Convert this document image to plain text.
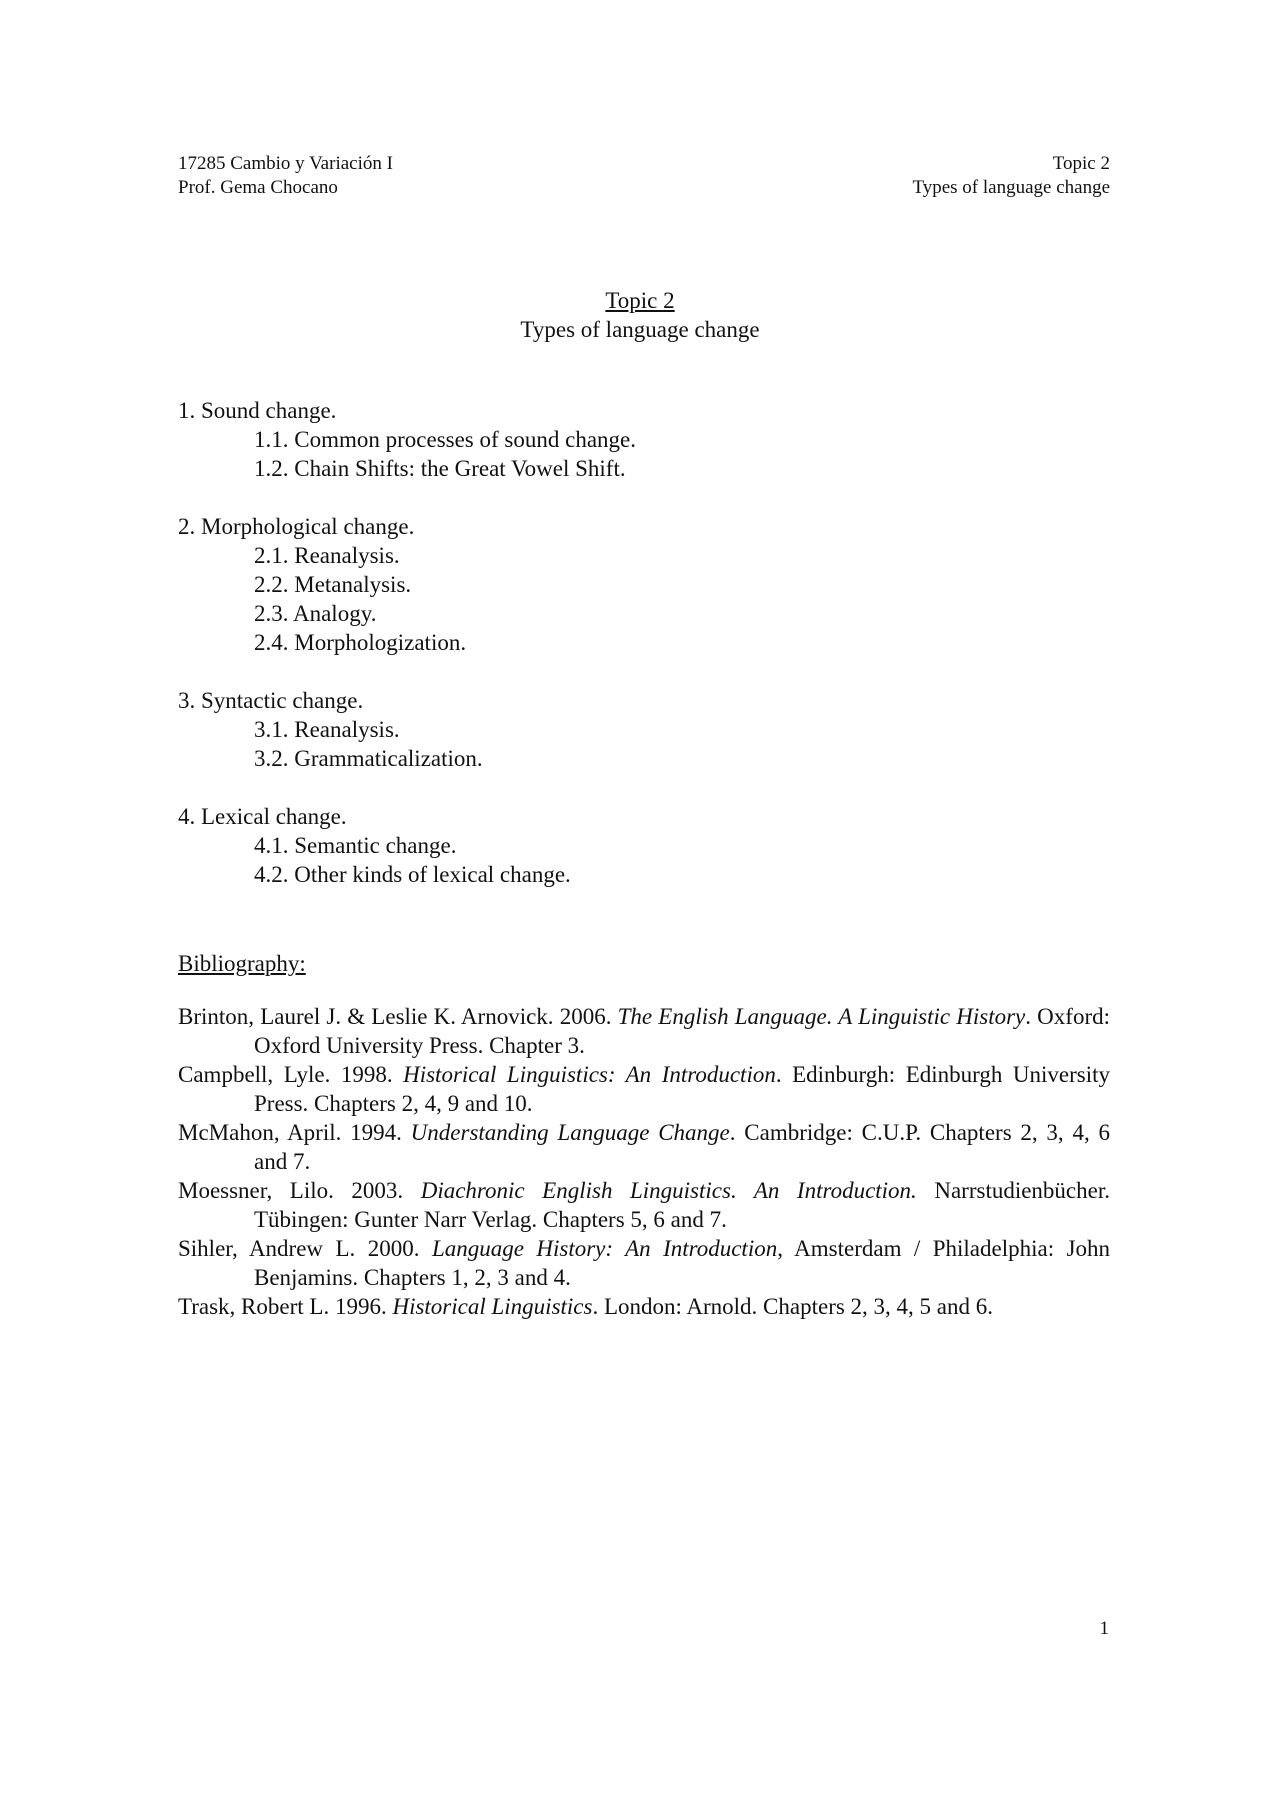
17285 Cambio y Variación I
Prof. Gema Chocano
Topic 2
Types of language change
Topic 2
Types of language change
1. Sound change.
1.1. Common processes of sound change.
1.2. Chain Shifts: the Great Vowel Shift.
2. Morphological change.
2.1. Reanalysis.
2.2. Metanalysis.
2.3. Analogy.
2.4. Morphologization.
3. Syntactic change.
3.1. Reanalysis.
3.2. Grammaticalization.
4. Lexical change.
4.1. Semantic change.
4.2. Other kinds of lexical change.
Bibliography:
Brinton, Laurel J. & Leslie K. Arnovick. 2006. The English Language. A Linguistic History. Oxford: Oxford University Press. Chapter 3.
Campbell, Lyle. 1998. Historical Linguistics: An Introduction. Edinburgh: Edinburgh University Press. Chapters 2, 4, 9 and 10.
McMahon, April. 1994. Understanding Language Change. Cambridge: C.U.P. Chapters 2, 3, 4, 6 and 7.
Moessner, Lilo. 2003. Diachronic English Linguistics. An Introduction. Narrstudienbücher. Tübingen: Gunter Narr Verlag. Chapters 5, 6 and 7.
Sihler, Andrew L. 2000. Language History: An Introduction, Amsterdam / Philadelphia: John Benjamins. Chapters 1, 2, 3 and 4.
Trask, Robert L. 1996. Historical Linguistics. London: Arnold. Chapters 2, 3, 4, 5 and 6.
1
